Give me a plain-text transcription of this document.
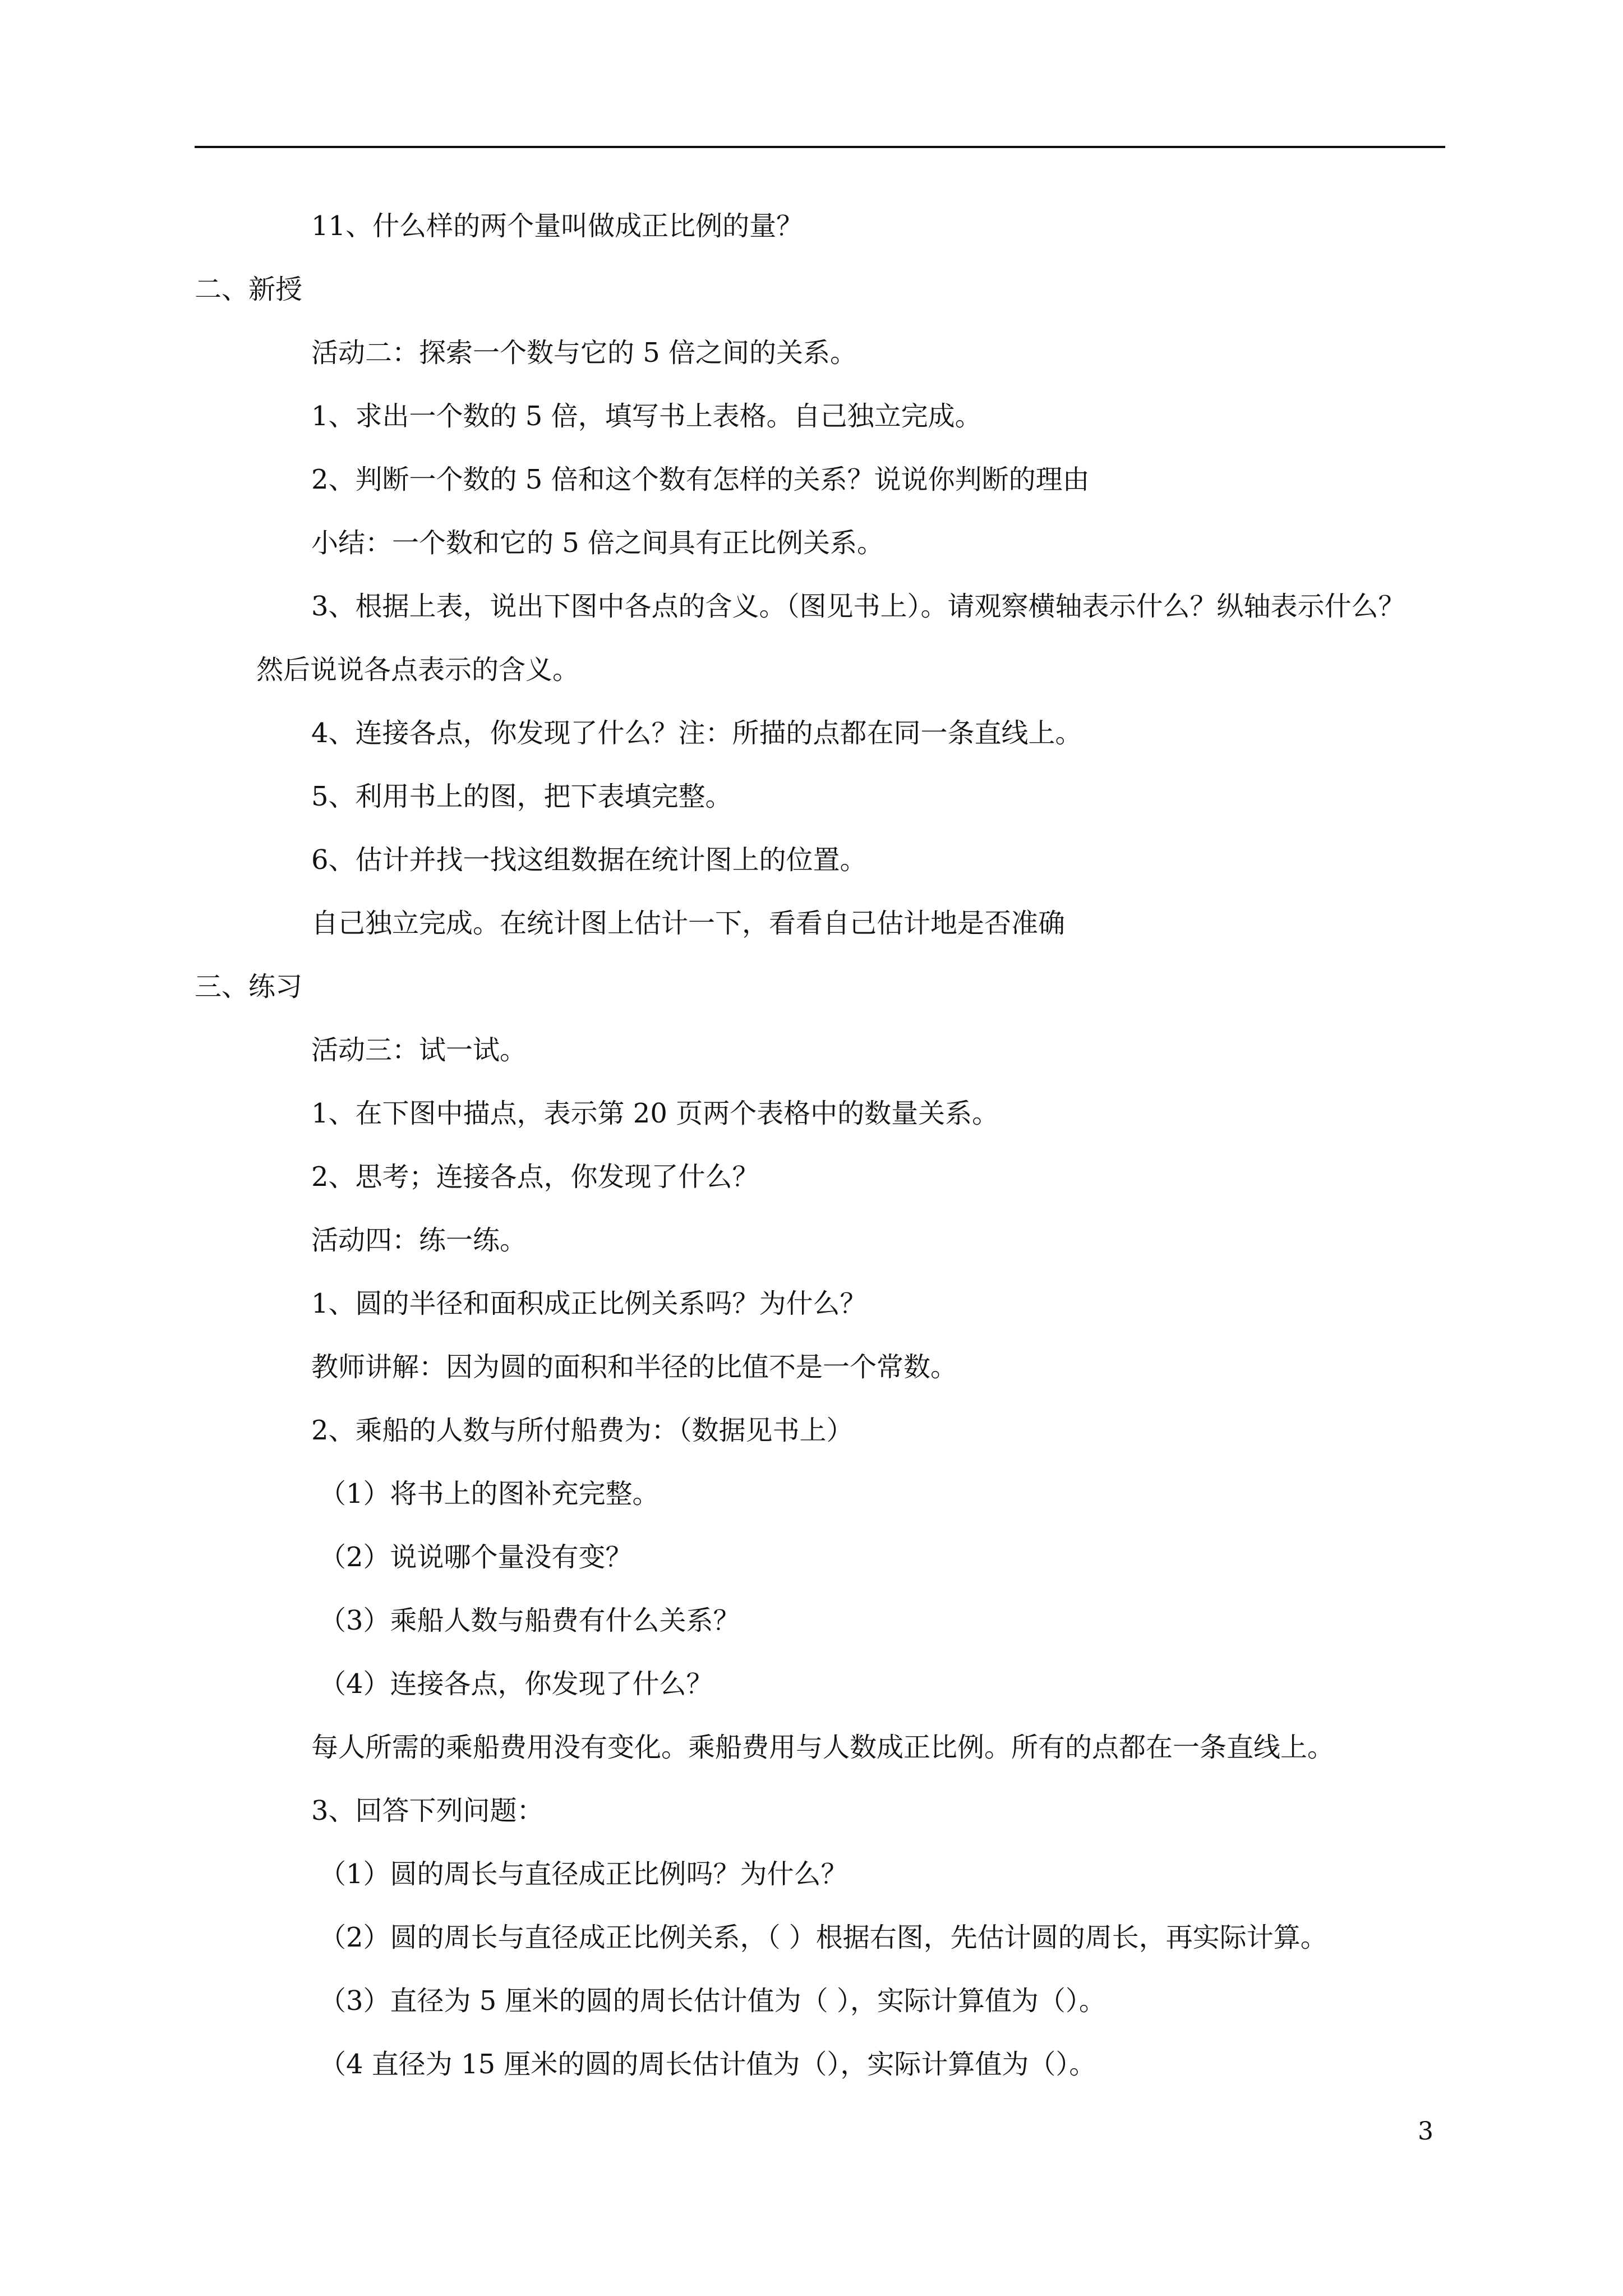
11、什么样的两个量叫做成正比例的量？
二、新授
活动二：探索一个数与它的 5 倍之间的关系。
1、求出一个数的 5 倍，填写书上表格。自己独立完成。
2、判断一个数的 5 倍和这个数有怎样的关系？说说你判断的理由
小结：一个数和它的 5 倍之间具有正比例关系。
3、根据上表，说出下图中各点的含义。（图见书上）。请观察横轴表示什么？纵轴表示什么？
然后说说各点表示的含义。
4、连接各点，你发现了什么？注：所描的点都在同一条直线上。
5、利用书上的图，把下表填完整。
6、估计并找一找这组数据在统计图上的位置。
自己独立完成。在统计图上估计一下，看看自己估计地是否准确
三、练习
活动三：试一试。
1、在下图中描点，表示第 20 页两个表格中的数量关系。
2、思考；连接各点，你发现了什么？
活动四：练一练。
1、圆的半径和面积成正比例关系吗？为什么？
教师讲解：因为圆的面积和半径的比值不是一个常数。
2、乘船的人数与所付船费为：（数据见书上）
（1）将书上的图补充完整。
（2）说说哪个量没有变？
（3）乘船人数与船费有什么关系？
（4）连接各点，你发现了什么？
每人所需的乘船费用没有变化。乘船费用与人数成正比例。所有的点都在一条直线上。
3、回答下列问题：
（1）圆的周长与直径成正比例吗？为什么？
（2）圆的周长与直径成正比例关系，（ ）根据右图，先估计圆的周长，再实际计算。
（3）直径为 5 厘米的圆的周长估计值为（ ），实际计算值为（）。
（4 直径为 15 厘米的圆的周长估计值为（），实际计算值为（）。
3
